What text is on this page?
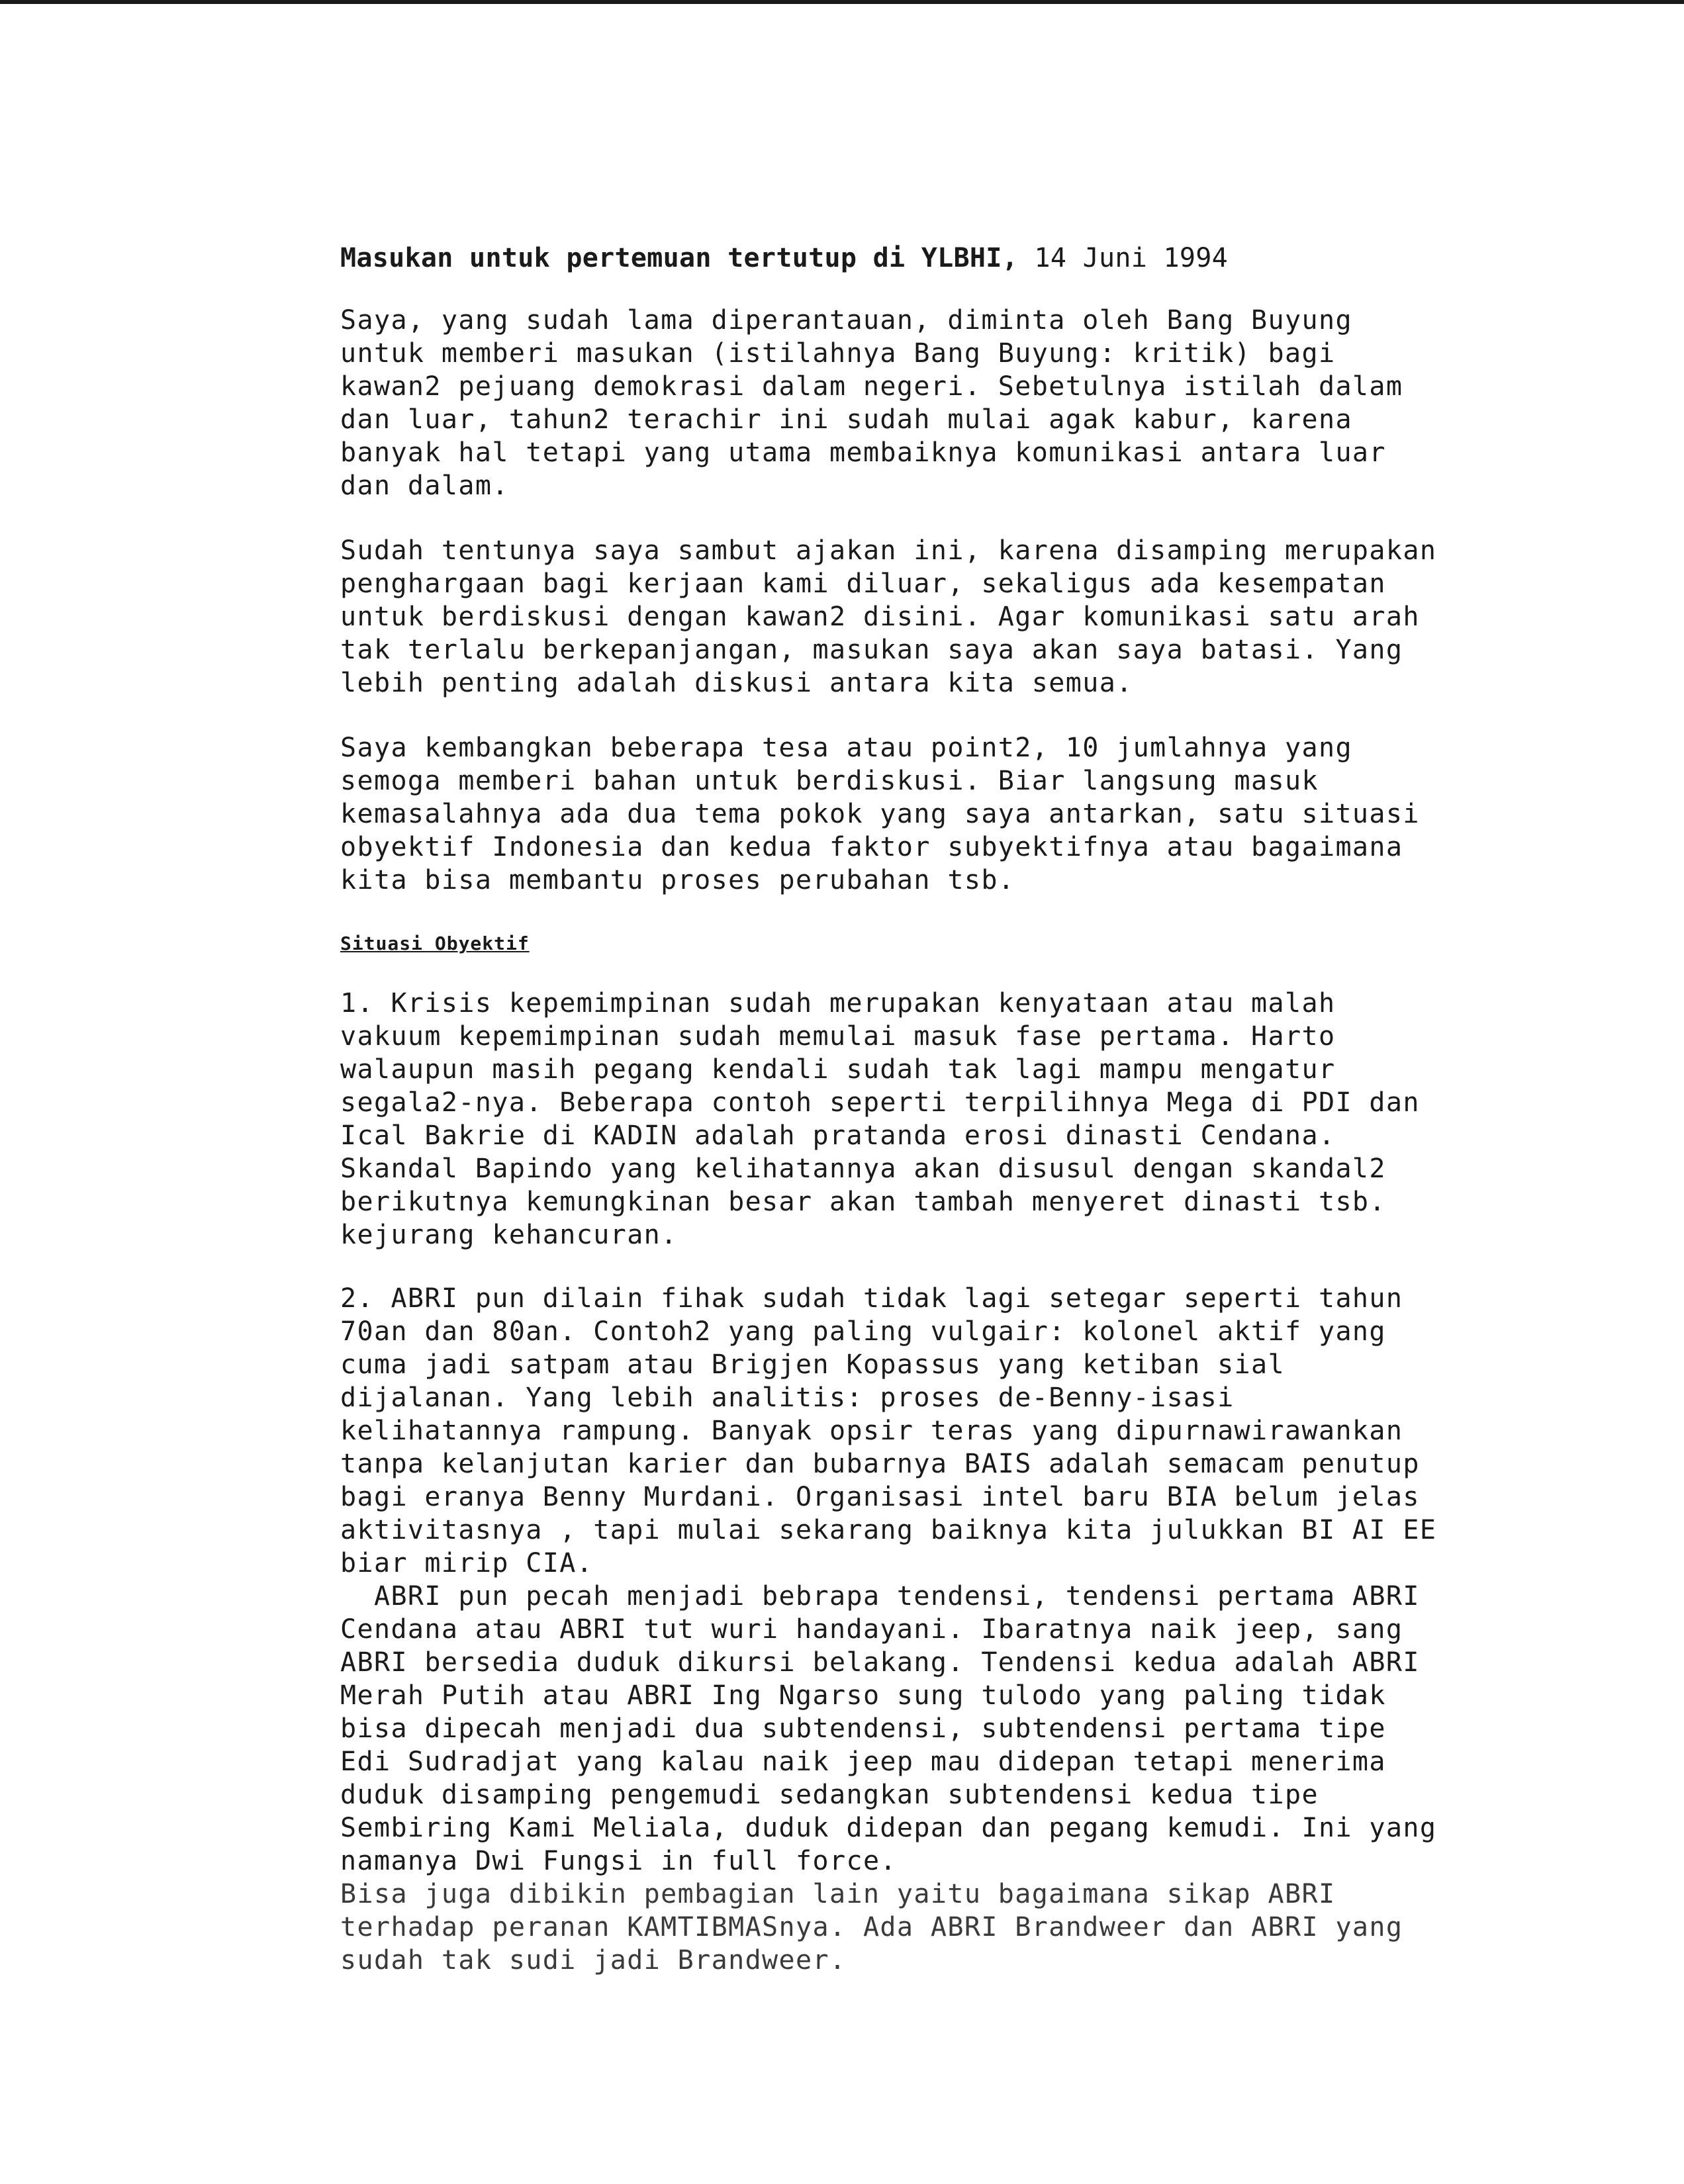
Masukan untuk pertemuan tertutup di YLBHI, 14 Juni 1994

Saya, yang sudah lama diperantauan, diminta oleh Bang Buyung
untuk memberi masukan (istilahnya Bang Buyung: kritik) bagi
kawan2 pejuang demokrasi dalam negeri. Sebetulnya istilah dalam
dan luar, tahun2 terachir ini sudah mulai agak kabur, karena
banyak hal tetapi yang utama membaiknya komunikasi antara luar
dan dalam.

Sudah tentunya saya sambut ajakan ini, karena disamping merupakan
penghargaan bagi kerjaan kami diluar, sekaligus ada kesempatan
untuk berdiskusi dengan kawan2 disini. Agar komunikasi satu arah
tak terlalu berkepanjangan, masukan saya akan saya batasi. Yang
lebih penting adalah diskusi antara kita semua.

Saya kembangkan beberapa tesa atau point2, 10 jumlahnya yang
semoga memberi bahan untuk berdiskusi. Biar langsung masuk
kemasalahnya ada dua tema pokok yang saya antarkan, satu situasi
obyektif Indonesia dan kedua faktor subyektifnya atau bagaimana
kita bisa membantu proses perubahan tsb.

Situasi Obyektif

1. Krisis kepemimpinan sudah merupakan kenyataan atau malah
vakuum kepemimpinan sudah memulai masuk fase pertama. Harto
walaupun masih pegang kendali sudah tak lagi mampu mengatur
segala2-nya. Beberapa contoh seperti terpilihnya Mega di PDI dan
Ical Bakrie di KADIN adalah pratanda erosi dinasti Cendana.
Skandal Bapindo yang kelihatannya akan disusul dengan skandal2
berikutnya kemungkinan besar akan tambah menyeret dinasti tsb.
kejurang kehancuran.

2. ABRI pun dilain fihak sudah tidak lagi setegar seperti tahun
70an dan 80an. Contoh2 yang paling vulgair: kolonel aktif yang
cuma jadi satpam atau Brigjen Kopassus yang ketiban sial
dijalanan. Yang lebih analitis: proses de-Benny-isasi
kelihatannya rampung. Banyak opsir teras yang dipurnawirawankan
tanpa kelanjutan karier dan bubarnya BAIS adalah semacam penutup
bagi eranya Benny Murdani. Organisasi intel baru BIA belum jelas
aktivitasnya , tapi mulai sekarang baiknya kita julukkan BI AI EE
biar mirip CIA.

ABRI pun pecah menjadi bebrapa tendensi, tendensi pertama ABRI
Cendana atau ABRI tut wuri handayani. Ibaratnya naik jeep, sang
ABRI bersedia duduk dikursi belakang. Tendensi kedua adalah ABRI
Merah Putih atau ABRI Ing Ngarso sung tulodo yang paling tidak
bisa dipecah menjadi dua subtendensi, subtendensi pertama tipe
Edi Sudradjat yang kalau naik jeep mau didepan tetapi menerima
duduk disamping pengemudi sedangkan subtendensi kedua tipe
Sembiring Kami Meliala, duduk didepan dan pegang kemudi. Ini yang
namanya Dwi Fungsi in full force.

Bisa juga dibikin pembagian lain yaitu bagaimana sikap ABRI
terhadap peranan KAMTIBMASnya. Ada ABRI Brandweer dan ABRI yang
sudah tak sudi jadi Brandweer.
